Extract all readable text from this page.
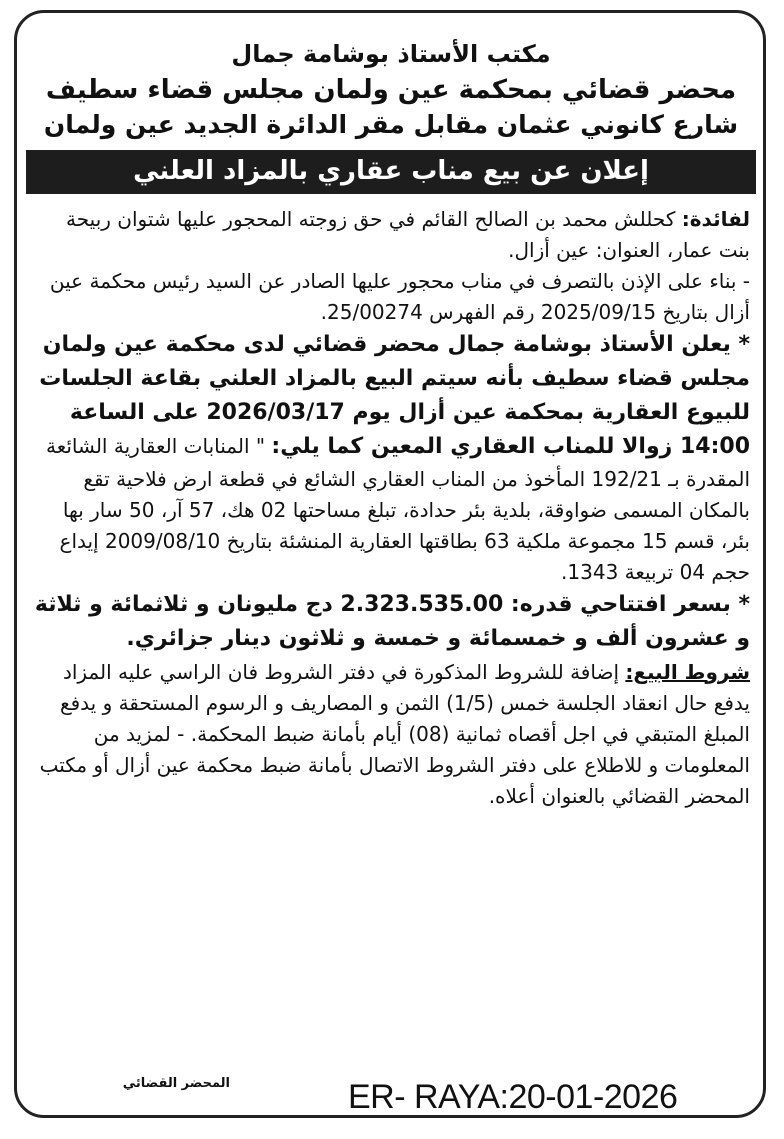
مكتب الأستاذ بوشامة جمال
محضر قضائي بمحكمة عين ولمان مجلس قضاء سطيف
شارع كانوني عثمان مقابل مقر الدائرة الجديد عين ولمان
إعلان عن بيع مناب عقاري بالمزاد العلني

لفائدة: كحللش محمد بن الصالح القائم في حق زوجته المحجور عليها شتوان ربيحة بنت عمار، العنوان: عين أزال.

- بناء على الإذن بالتصرف في مناب محجور عليها الصادر عن السيد رئيس محكمة عين أزال بتاريخ 2025/09/15 رقم الفهرس 25/00274.

* يعلن الأستاذ بوشامة جمال محضر قضائي لدى محكمة عين ولمان مجلس قضاء سطيف بأنه سيتم البيع بالمزاد العلني بقاعة الجلسات للبيوع العقارية بمحكمة عين أزال يوم 2026/03/17 على الساعة 14:00 زوالا للمناب العقاري المعين كما يلي: " المنابات العقارية الشائعة المقدرة بـ 192/21 المأخوذ من المناب العقاري الشائع في قطعة ارض فلاحية تقع بالمكان المسمى ضواوقة، بلدية بئر حدادة، تبلغ مساحتها 02 هك، 57 آر، 50 سار بها بئر، قسم 15 مجموعة ملكية 63 بطاقتها العقارية المنشئة بتاريخ 2009/08/10 إيداع حجم 04 تربيعة 1343.

* بسعر افتتاحي قدره: 2.323.535.00 دج مليونان و ثلاثمائة و ثلاثة و عشرون ألف و خمسمائة و خمسة و ثلاثون دينار جزائري.

شروط البيع: إضافة للشروط المذكورة في دفتر الشروط فان الراسي عليه المزاد يدفع حال انعقاد الجلسة خمس (1/5) الثمن و المصاريف و الرسوم المستحقة و يدفع المبلغ المتبقي في اجل أقصاه ثمانية (08) أيام بأمانة ضبط المحكمة. - لمزيد من المعلومات و للاطلاع على دفتر الشروط الاتصال بأمانة ضبط محكمة عين أزال أو مكتب المحضر القضائي بالعنوان أعلاه.

المحضر القضائي	ER- RAYA:20-01-2026
